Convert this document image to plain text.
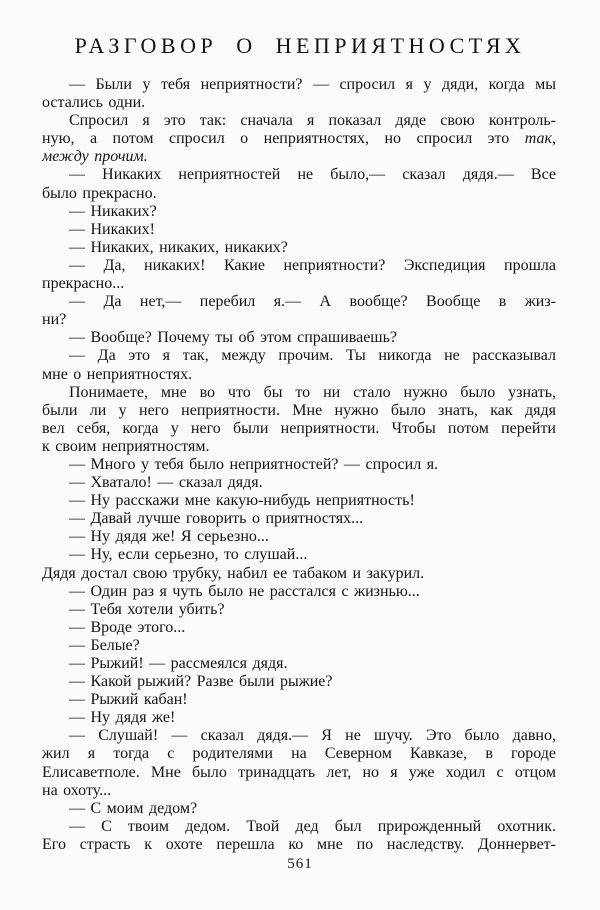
РАЗГОВОР О НЕПРИЯТНОСТЯХ
— Были у тебя неприятности? — спросил я у дяди, когда мы
остались одни.
Спросил я это так: сначала я показал дяде свою контроль-
ную, а потом спросил о неприятностях, но спросил это так,
между прочим.
— Никаких неприятностей не было,— сказал дядя.— Все
было прекрасно.
— Никаких?
— Никаких!
— Никаких, никаких, никаких?
— Да, никаких! Какие неприятности? Экспедиция прошла
прекрасно...
— Да нет,— перебил я.— А вообще? Вообще в жиз-
ни?
— Вообще? Почему ты об этом спрашиваешь?
— Да это я так, между прочим. Ты никогда не рассказывал
мне о неприятностях.
Понимаете, мне во что бы то ни стало нужно было узнать,
были ли у него неприятности. Мне нужно было знать, как дядя
вел себя, когда у него были неприятности. Чтобы потом перейти
к своим неприятностям.
— Много у тебя было неприятностей? — спросил я.
— Хватало! — сказал дядя.
— Ну расскажи мне какую-нибудь неприятность!
— Давай лучше говорить о приятностях...
— Ну дядя же! Я серьезно...
— Ну, если серьезно, то слушай...
Дядя достал свою трубку, набил ее табаком и закурил.
— Один раз я чуть было не расстался с жизнью...
— Тебя хотели убить?
— Вроде этого...
— Белые?
— Рыжий! — рассмеялся дядя.
— Какой рыжий? Разве были рыжие?
— Рыжий кабан!
— Ну дядя же!
— Слушай! — сказал дядя.— Я не шучу. Это было давно,
жил я тогда с родителями на Северном Кавказе, в городе
Елисаветполе. Мне было тринадцать лет, но я уже ходил с отцом
на охоту...
— С моим дедом?
— С твоим дедом. Твой дед был прирожденный охотник.
Его страсть к охоте перешла ко мне по наследству. Доннервет-
561
